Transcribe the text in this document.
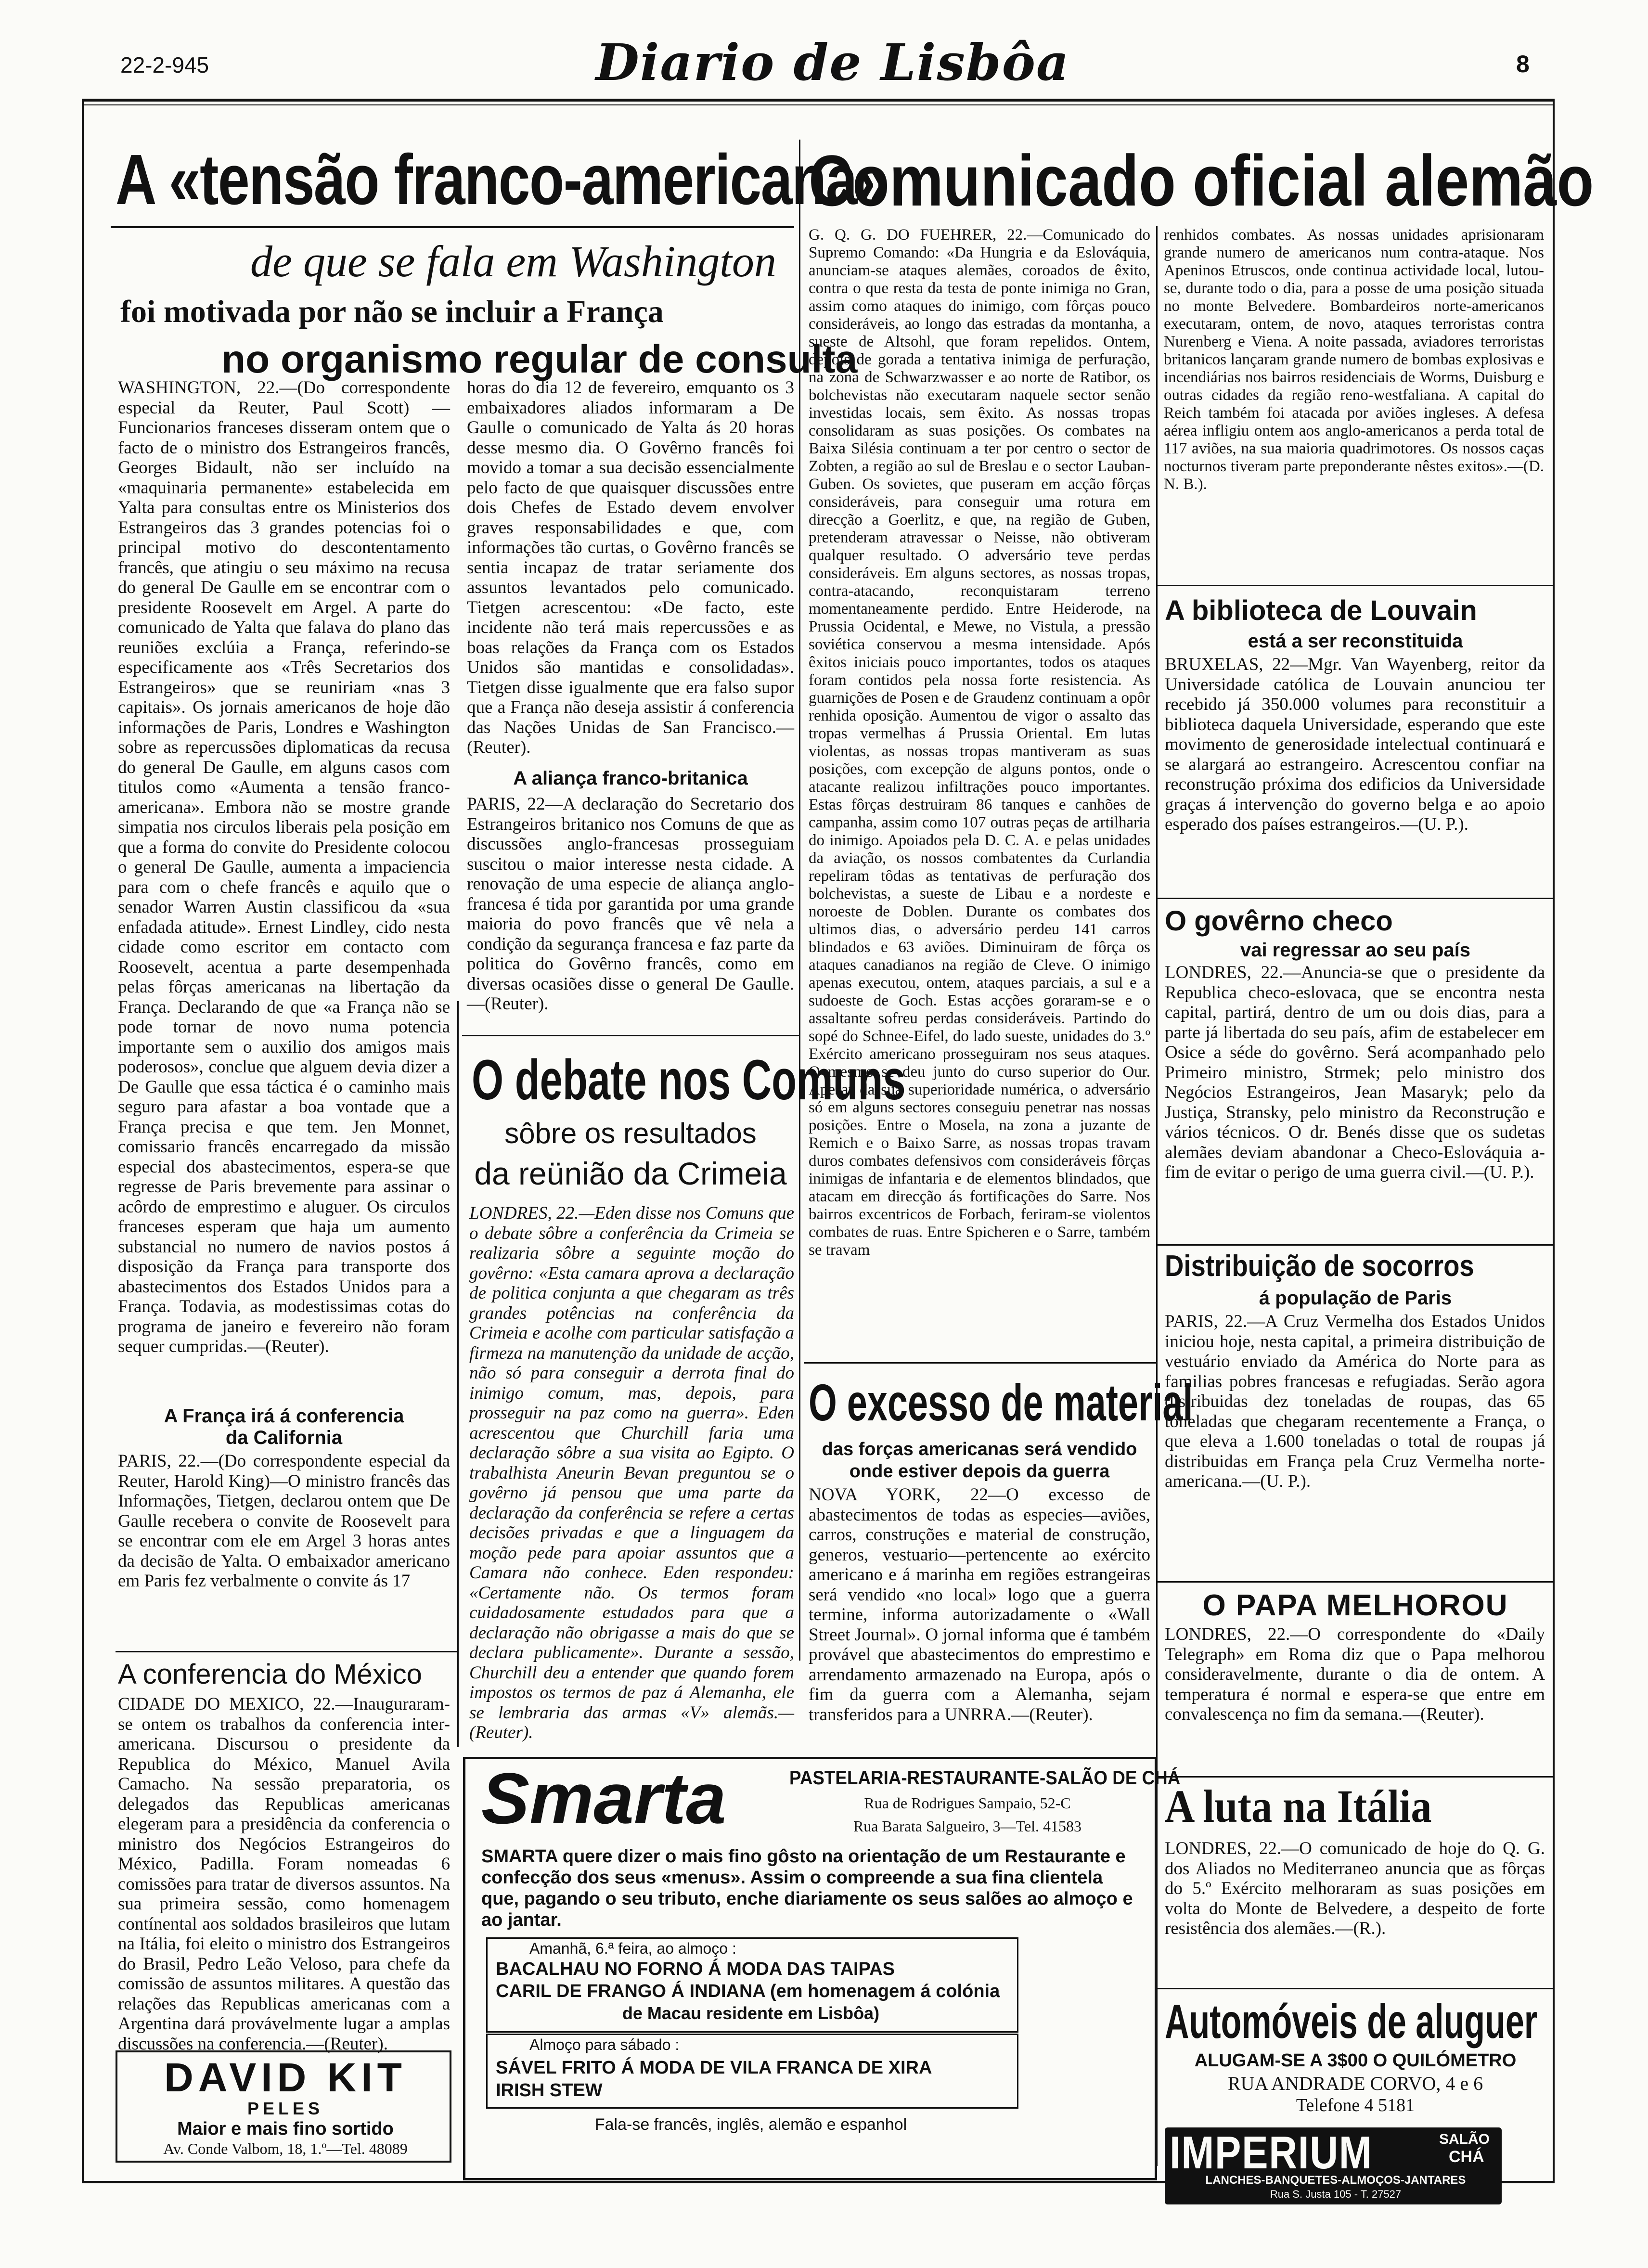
22-2-945	Diario de Lisbôa	8
A «tensão franco-americana»
de que se fala em Washington
foi motivada por não se incluir a França
no organismo regular de consulta
WASHINGTON, 22.—(Do correspondente especial da Reuter, Paul Scott) —Funcionarios franceses disseram ontem que o facto de o ministro dos Estrangeiros francês, Georges Bidault, não ser incluído na «maquinaria permanente» estabelecida em Yalta para consultas entre os Ministerios dos Estrangeiros das 3 grandes potencias foi o principal motivo do descontentamento francês, que atingiu o seu máximo na recusa do general De Gaulle em se encontrar com o presidente Roosevelt em Argel. A parte do comunicado de Yalta que falava do plano das reuniões exclúia a França, referindo-se especificamente aos «Três Secretarios dos Estrangeiros» que se reuniriam «nas 3 capitais». Os jornais americanos de hoje dão informações de Paris, Londres e Washington sobre as repercussões diplomaticas da recusa do general De Gaulle, em alguns casos com titulos como «Aumenta a tensão franco-americana». Embora não se mostre grande simpatia nos circulos liberais pela posição em que a forma do convite do Presidente colocou o general De Gaulle, aumenta a impaciencia para com o chefe francês e aquilo que o senador Warren Austin classificou da «sua enfadada atitude». Ernest Lindley, cido nesta cidade como escritor em contacto com Roosevelt, acentua a parte desempenhada pelas fôrças americanas na libertação da França. Declarando de que «a França não se pode tornar de novo numa potencia importante sem o auxilio dos amigos mais poderosos», conclue que alguem devia dizer a De Gaulle que essa táctica é o caminho mais seguro para afastar a boa vontade que a França precisa e que tem. Jen Monnet, comissario francês encarregado da missão especial dos abastecimentos, espera-se que regresse de Paris brevemente para assinar o acôrdo de emprestimo e aluguer. Os circulos franceses esperam que haja um aumento substancial no numero de navios postos á disposição da França para transporte dos abastecimentos dos Estados Unidos para a França. Todavia, as modestissimas cotas do programa de janeiro e fevereiro não foram sequer cumpridas.—(Reuter).
A França irá á conferencia
da California
PARIS, 22.—(Do correspondente especial da Reuter, Harold King)—O ministro francês das Informações, Tietgen, declarou ontem que De Gaulle recebera o convite de Roosevelt para se encontrar com ele em Argel 3 horas antes da decisão de Yalta. O embaixador americano em Paris fez verbalmente o convite ás 17
horas do dia 12 de fevereiro, emquanto os 3 embaixadores aliados informaram a De Gaulle o comunicado de Yalta ás 20 horas desse mesmo dia. O Govêrno francês foi movido a tomar a sua decisão essencialmente pelo facto de que quaisquer discussões entre dois Chefes de Estado devem envolver graves responsabilidades e que, com informações tão curtas, o Govêrno francês se sentia incapaz de tratar seriamente dos assuntos levantados pelo comunicado. Tietgen acrescentou: «De facto, este incidente não terá mais repercussões e as boas relações da França com os Estados Unidos são mantidas e consolidadas». Tietgen disse igualmente que era falso supor que a França não deseja assistir á conferencia das Nações Unidas de San Francisco.—(Reuter).
A aliança franco-britanica
PARIS, 22—A declaração do Secretario dos Estrangeiros britanico nos Comuns de que as discussões anglo-francesas prosseguiam suscitou o maior interesse nesta cidade. A renovação de uma especie de aliança anglo-francesa é tida por garantida por uma grande maioria do povo francês que vê nela a condição da segurança francesa e faz parte da politica do Govêrno francês, como em diversas ocasiões disse o general De Gaulle.—(Reuter).
O debate nos Comuns
sôbre os resultados
da reünião da Crimeia
LONDRES, 22.—Eden disse nos Comuns que o debate sôbre a conferência da Crimeia se realizaria sôbre a seguinte moção do govêrno: «Esta camara aprova a declaração de politica conjunta a que chegaram as três grandes potências na conferência da Crimeia e acolhe com particular satisfação a firmeza na manutenção da unidade de acção, não só para conseguir a derrota final do inimigo comum, mas, depois, para prosseguir na paz como na guerra». Eden acrescentou que Churchill faria uma declaração sôbre a sua visita ao Egipto. O trabalhista Aneurin Bevan preguntou se o govêrno já pensou que uma parte da declaração da conferência se refere a certas decisões privadas e que a linguagem da moção pede para apoiar assuntos que a Camara não conhece. Eden respondeu: «Certamente não. Os termos foram cuidadosamente estudados para que a declaração não obrigasse a mais do que se declara publicamente». Durante a sessão, Churchill deu a entender que quando forem impostos os termos de paz á Alemanha, ele se lembraria das armas «V» alemãs.—(Reuter).
A conferencia do México
CIDADE DO MEXICO, 22.—Inauguraram-se ontem os trabalhos da conferencia inter-americana. Discursou o presidente da Republica do México, Manuel Avila Camacho. Na sessão preparatoria, os delegados das Republicas americanas elegeram para a presidência da conferencia o ministro dos Negócios Estrangeiros do México, Padilla. Foram nomeadas 6 comissões para tratar de diversos assuntos. Na sua primeira sessão, como homenagem contínental aos soldados brasileiros que lutam na Itália, foi eleito o ministro dos Estrangeiros do Brasil, Pedro Leão Veloso, para chefe da comissão de assuntos militares. A questão das relações das Republicas americanas com a Argentina dará provávelmente lugar a amplas discussões na conferencia.—(Reuter).
DAVID KIT
PELES
Maior e mais fino sortido
Av. Conde Valbom, 18, 1.º—Tel. 48089
Comunicado oficial alemão
G. Q. G. DO FUEHRER, 22.—Comunicado do Supremo Comando: «Da Hungria e da Eslováquia, anunciam-se ataques alemães, coroados de êxito, contra o que resta da testa de ponte inimiga no Gran, assim como ataques do inimigo, com fôrças pouco consideráveis, ao longo das estradas da montanha, a sueste de Altsohl, que foram repelidos. Ontem, depois de gorada a tentativa inimiga de perfuração, na zona de Schwarzwasser e ao norte de Ratibor, os bolchevistas não executaram naquele sector senão investidas locais, sem êxito. As nossas tropas consolidaram as suas posições. Os combates na Baixa Silésia continuam a ter por centro o sector de Zobten, a região ao sul de Breslau e o sector Lauban-Guben. Os sovietes, que puseram em acção fôrças consideráveis, para conseguir uma rotura em direcção a Goerlitz, e que, na região de Guben, pretenderam atravessar o Neisse, não obtiveram qualquer resultado. O adversário teve perdas consideráveis. Em alguns sectores, as nossas tropas, contra-atacando, reconquistaram terreno momentaneamente perdido. Entre Heiderode, na Prussia Ocidental, e Mewe, no Vistula, a pressão soviética conservou a mesma intensidade. Após êxitos iniciais pouco importantes, todos os ataques foram contidos pela nossa forte resistencia. As guarnições de Posen e de Graudenz continuam a opôr renhida oposição. Aumentou de vigor o assalto das tropas vermelhas á Prussia Oriental. Em lutas violentas, as nossas tropas mantiveram as suas posições, com excepção de alguns pontos, onde o atacante realizou infiltrações pouco importantes. Estas fôrças destruiram 86 tanques e canhões de campanha, assim como 107 outras peças de artilharia do inimigo. Apoiados pela D. C. A. e pelas unidades da aviação, os nossos combatentes da Curlandia repeliram tôdas as tentativas de perfuração dos bolchevistas, a sueste de Libau e a nordeste e noroeste de Doblen. Durante os combates dos ultimos dias, o adversário perdeu 141 carros blindados e 63 aviões. Diminuiram de fôrça os ataques canadianos na região de Cleve. O inimigo apenas executou, ontem, ataques parciais, a sul e a sudoeste de Goch. Estas acções goraram-se e o assaltante sofreu perdas consideráveis. Partindo do sopé do Schnee-Eifel, do lado sueste, unidades do 3.º Exército americano prosseguiram nos seus ataques. O mesmo se deu junto do curso superior do Our. Apesar da sua superioridade numérica, o adversário só em alguns sectores conseguiu penetrar nas nossas posições. Entre o Mosela, na zona a juzante de Remich e o Baixo Sarre, as nossas tropas travam duros combates defensivos com consideráveis fôrças inimigas de infantaria e de elementos blindados, que atacam em direcção ás fortificações do Sarre. Nos bairros excentricos de Forbach, feriram-se violentos combates de ruas. Entre Spicheren e o Sarre, também se travam
renhidos combates. As nossas unidades aprisionaram grande numero de americanos num contra-ataque. Nos Apeninos Etruscos, onde continua actividade local, lutou-se, durante todo o dia, para a posse de uma posição situada no monte Belvedere. Bombardeiros norte-americanos executaram, ontem, de novo, ataques terroristas contra Nurenberg e Viena. A noite passada, aviadores terroristas britanicos lançaram grande numero de bombas explosivas e incendiárias nos bairros residenciais de Worms, Duisburg e outras cidades da região reno-westfaliana. A capital do Reich também foi atacada por aviões ingleses. A defesa aérea infligiu ontem aos anglo-americanos a perda total de 117 aviões, na sua maioria quadrimotores. Os nossos caças nocturnos tiveram parte preponderante nêstes exitos».—(D. N. B.).
O excesso de material
das forças americanas será vendido
onde estiver depois da guerra
NOVA YORK, 22—O excesso de abastecimentos de todas as especies—aviões, carros, construções e material de construção, generos, vestuario—pertencente ao exército americano e á marinha em regiões estrangeiras será vendido «no local» logo que a guerra termine, informa autorizadamente o «Wall Street Journal». O jornal informa que é também provável que abastecimentos do emprestimo e arrendamento armazenado na Europa, após o fim da guerra com a Alemanha, sejam transferidos para a UNRRA.—(Reuter).
A biblioteca de Louvain
está a ser reconstituida
BRUXELAS, 22—Mgr. Van Wayenberg, reitor da Universidade católica de Louvain anunciou ter recebido já 350.000 volumes para reconstituir a biblioteca daquela Universidade, esperando que este movimento de generosidade intelectual continuará e se alargará ao estrangeiro. Acrescentou confiar na reconstrução próxima dos edificios da Universidade graças á intervenção do governo belga e ao apoio esperado dos países estrangeiros.—(U. P.).
O govêrno checo
vai regressar ao seu país
LONDRES, 22.—Anuncia-se que o presidente da Republica checo-eslovaca, que se encontra nesta capital, partirá, dentro de um ou dois dias, para a parte já libertada do seu país, afim de estabelecer em Osice a séde do govêrno. Será acompanhado pelo Primeiro ministro, Strmek; pelo ministro dos Negócios Estrangeiros, Jean Masaryk; pelo da Justiça, Stransky, pelo ministro da Reconstrução e vários técnicos. O dr. Benés disse que os sudetas alemães deviam abandonar a Checo-Eslováquia a-fim de evitar o perigo de uma guerra civil.—(U. P.).
Distribuição de socorros
á população de Paris
PARIS, 22.—A Cruz Vermelha dos Estados Unidos iniciou hoje, nesta capital, a primeira distribuição de vestuário enviado da América do Norte para as familias pobres francesas e refugiadas. Serão agora distribuidas dez toneladas de roupas, das 65 toneladas que chegaram recentemente a França, o que eleva a 1.600 toneladas o total de roupas já distribuidas em França pela Cruz Vermelha norte-americana.—(U. P.).
O PAPA MELHOROU
LONDRES, 22.—O correspondente do «Daily Telegraph» em Roma diz que o Papa melhorou consideravelmente, durante o dia de ontem. A temperatura é normal e espera-se que entre em convalescença no fim da semana.—(Reuter).
A luta na Itália
LONDRES, 22.—O comunicado de hoje do Q. G. dos Aliados no Mediterraneo anuncia que as fôrças do 5.º Exército melhoraram as suas posições em volta do Monte de Belvedere, a despeito de forte resistência dos alemães.—(R.).
Automóveis de aluguer
ALUGAM-SE A 3$00 O QUILÓMETRO
RUA ANDRADE CORVO, 4 e 6
Telefone 4 5181
IMPERIUM	SALÃO
CHÁ
LANCHES-BANQUETES-ALMOÇOS-JANTARES
Rua S. Justa 105 - T. 27527
Smarta	PASTELARIA-RESTAURANTE-SALÃO DE CHÁ
Rua de Rodrigues Sampaio, 52-C
Rua Barata Salgueiro, 3—Tel. 41583
SMARTA quere dizer o mais fino gôsto na orientação de um Restaurante e confecção dos seus «menus». Assim o compreende a sua fina clientela que, pagando o seu tributo, enche diariamente os seus salões ao almoço e ao jantar.
Amanhã, 6.ª feira, ao almoço :
BACALHAU NO FORNO Á MODA DAS TAIPAS
CARIL DE FRANGO Á INDIANA (em homenagem á colónia
de Macau residente em Lisbôa)
Almoço para sábado :
SÁVEL FRITO Á MODA DE VILA FRANCA DE XIRA
IRISH STEW
Fala-se francês, inglês, alemão e espanhol
